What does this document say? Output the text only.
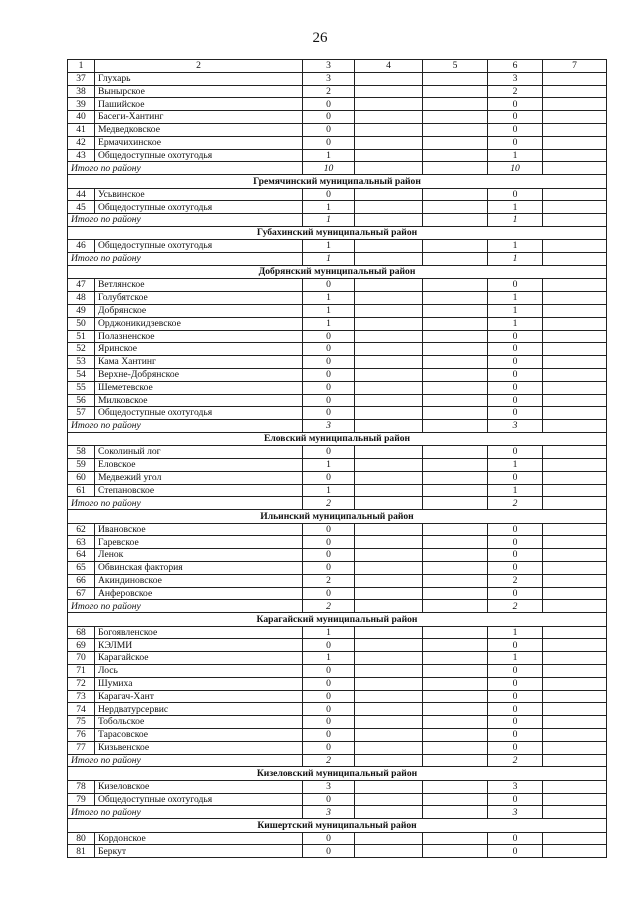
26
1	2	3	4	5	6	7
37	Глухарь	3			3	
38	Вынырское	2			2	
39	Пашийское	0			0	
40	Басеги-Хантинг	0			0	
41	Медведковское	0			0	
42	Ермачихинское	0			0	
43	Общедоступные охотугодья	1			1	
Итого по району		10			10	
Гремячинский муниципальный район						
44	Усьвинское	0			0	
45	Общедоступные охотугодья	1			1	
Итого по району		1			1	
Губахинский муниципальный район						
46	Общедоступные охотугодья	1			1	
Итого по району		1			1	
Добрянский муниципальный район						
47	Ветлянское	0			0	
48	Голубятское	1			1	
49	Добрянское	1			1	
50	Орджоникидзевское	1			1	
51	Полазненское	0			0	
52	Яринское	0			0	
53	Кама Хантинг	0			0	
54	Верхне-Добрянское	0			0	
55	Шеметевское	0			0	
56	Милковское	0			0	
57	Общедоступные охотугодья	0			0	
Итого по району		3			3	
Еловский муниципальный район						
58	Соколиный лог	0			0	
59	Еловское	1			1	
60	Медвежий угол	0			0	
61	Степановское	1			1	
Итого по району		2			2	
Ильинский муниципальный район						
62	Ивановское	0			0	
63	Гаревское	0			0	
64	Ленок	0			0	
65	Обвинская фактория	0			0	
66	Акиндиновское	2			2	
67	Анферовское	0			0	
Итого по району		2			2	
Карагайский муниципальный район						
68	Богоявленское	1			1	
69	КЭЛМИ	0			0	
70	Карагайское	1			1	
71	Лось	0			0	
72	Шумиха	0			0	
73	Карагач-Хант	0			0	
74	Нердватурсервис	0			0	
75	Тобольское	0			0	
76	Тарасовское	0			0	
77	Кизьвенское	0			0	
Итого по району		2			2	
Кизеловский муниципальный район						
78	Кизеловское	3			3	
79	Общедоступные охотугодья	0			0	
Итого по району		3			3	
Кишертский муниципальный район						
80	Кордонское	0			0	
81	Беркут	0			0	
